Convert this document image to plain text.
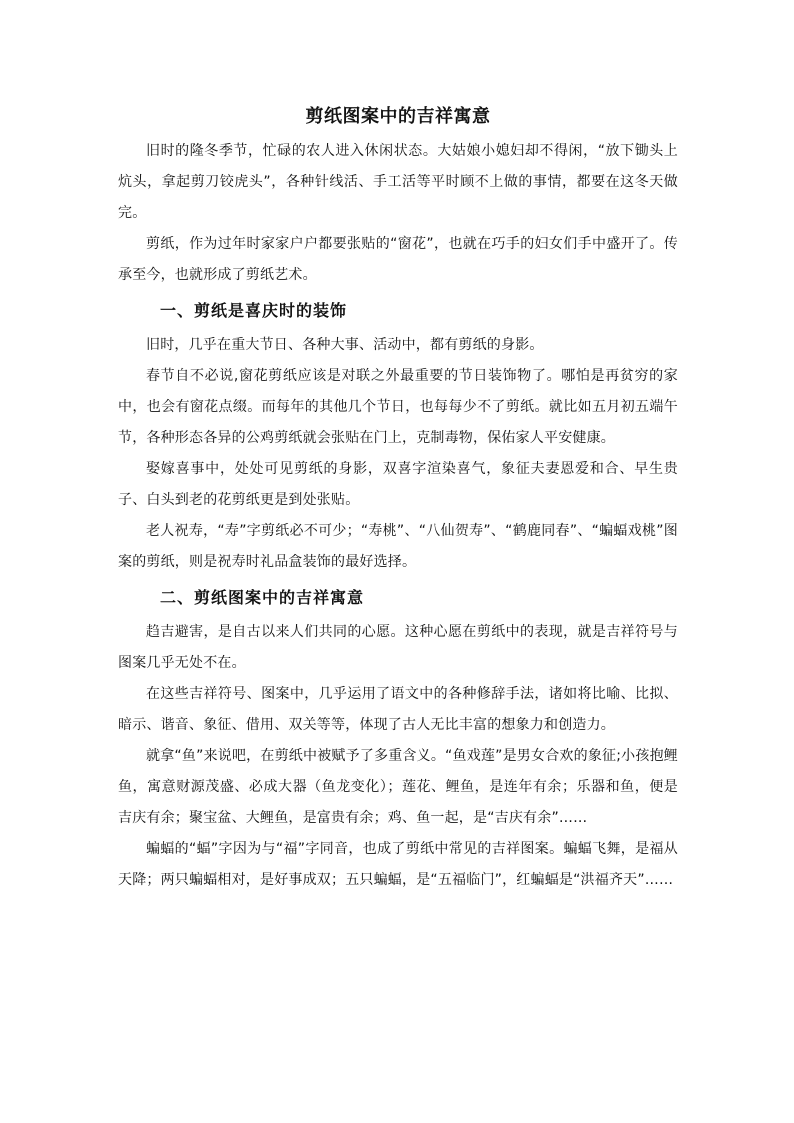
剪纸图案中的吉祥寓意

旧时的隆冬季节，忙碌的农人进入休闲状态。大姑娘小媳妇却不得闲，“放下锄头上炕头，拿起剪刀铰虎头”，各种针线活、手工活等平时顾不上做的事情，都要在这冬天做完。

剪纸，作为过年时家家户户都要张贴的“窗花”，也就在巧手的妇女们手中盛开了。传承至今，也就形成了剪纸艺术。

一、剪纸是喜庆时的装饰

旧时，几乎在重大节日、各种大事、活动中，都有剪纸的身影。

春节自不必说,窗花剪纸应该是对联之外最重要的节日装饰物了。哪怕是再贫穷的家中，也会有窗花点缀。而每年的其他几个节日，也每每少不了剪纸。就比如五月初五端午节，各种形态各异的公鸡剪纸就会张贴在门上，克制毒物，保佑家人平安健康。

娶嫁喜事中，处处可见剪纸的身影，双喜字渲染喜气，象征夫妻恩爱和合、早生贵子、白头到老的花剪纸更是到处张贴。

老人祝寿，“寿”字剪纸必不可少；“寿桃”、“八仙贺寿”、“鹤鹿同春”、“蝙蝠戏桃”图案的剪纸，则是祝寿时礼品盒装饰的最好选择。

二、剪纸图案中的吉祥寓意

趋吉避害，是自古以来人们共同的心愿。这种心愿在剪纸中的表现，就是吉祥符号与图案几乎无处不在。

在这些吉祥符号、图案中，几乎运用了语文中的各种修辞手法，诸如将比喻、比拟、暗示、谐音、象征、借用、双关等等，体现了古人无比丰富的想象力和创造力。

就拿“鱼”来说吧，在剪纸中被赋予了多重含义。“鱼戏莲”是男女合欢的象征;小孩抱鲤鱼，寓意财源茂盛、必成大器（鱼龙变化）；莲花、鲤鱼，是连年有余；乐器和鱼，便是吉庆有余；聚宝盆、大鲤鱼，是富贵有余；鸡、鱼一起，是“吉庆有余”……

蝙蝠的“蝠”字因为与“福”字同音，也成了剪纸中常见的吉祥图案。蝙蝠飞舞，是福从天降；两只蝙蝠相对，是好事成双；五只蝙蝠，是“五福临门”，红蝙蝠是“洪福齐天”……
